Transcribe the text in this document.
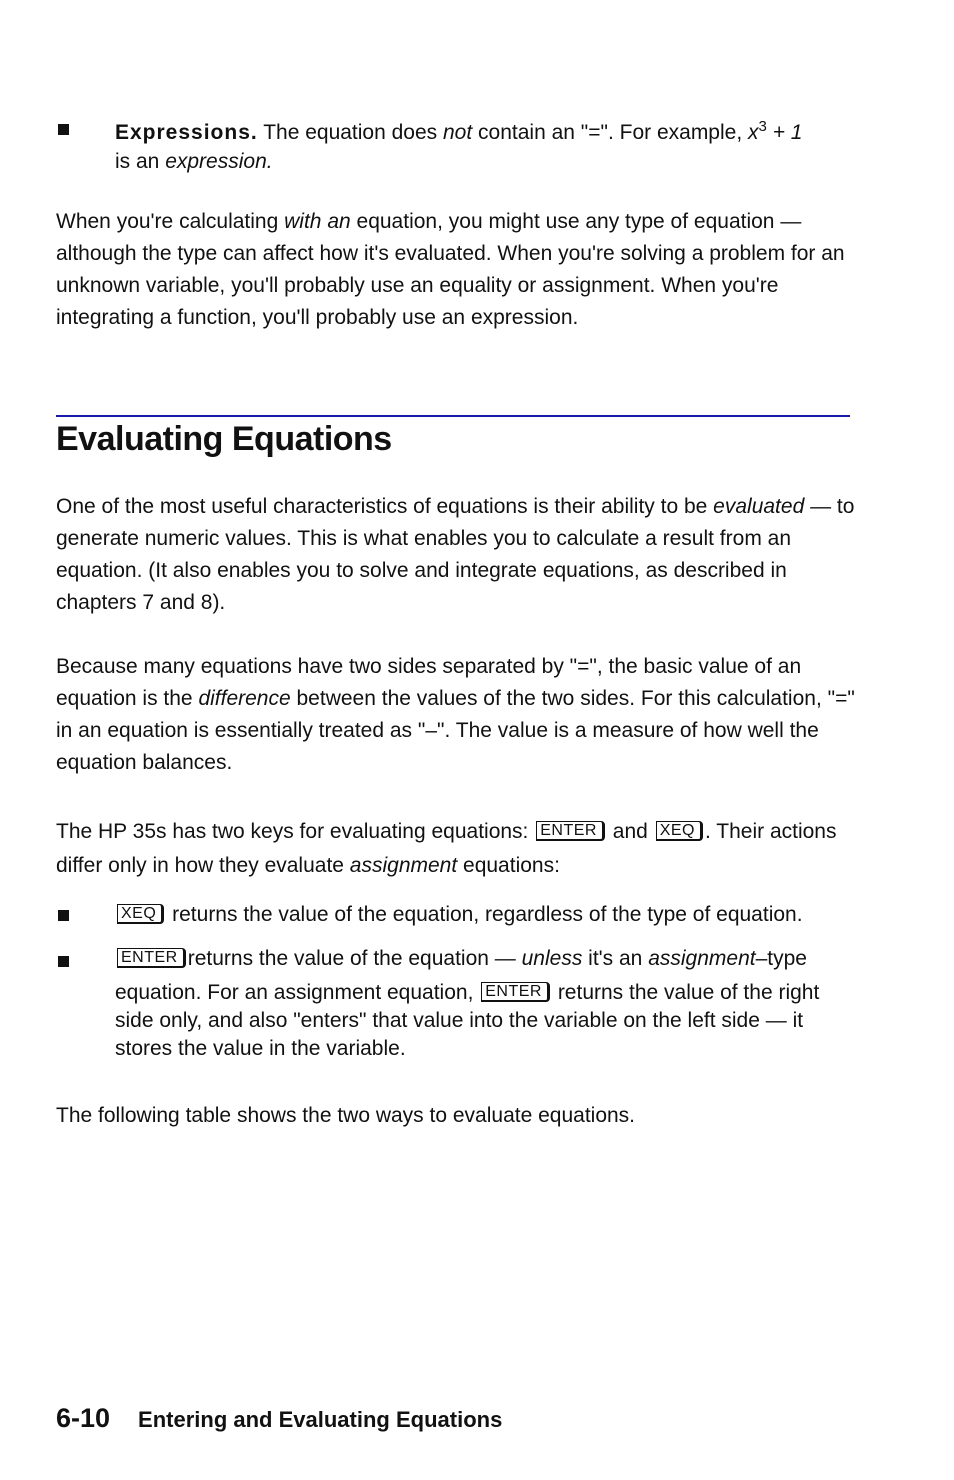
Expressions. The equation does not contain an "=". For example, $x^3 + 1$
is an expression.

When you're calculating with an equation, you might use any type of equation — although the type can affect how it's evaluated. When you're solving a problem for an unknown variable, you'll probably use an equality or assignment. When you're integrating a function, you'll probably use an expression.

Evaluating Equations

One of the most useful characteristics of equations is their ability to be evaluated — to generate numeric values. This is what enables you to calculate a result from an equation. (It also enables you to solve and integrate equations, as described in chapters 7 and 8).

Because many equations have two sides separated by "=", the basic value of an equation is the difference between the values of the two sides. For this calculation, "=" in an equation is essentially treated as "–". The value is a measure of how well the equation balances.

The HP 35s has two keys for evaluating equations: ENTER and XEQ . Their actions differ only in how they evaluate assignment equations:

XEQ returns the value of the equation, regardless of the type of equation.
ENTER returns the value of the equation — unless it's an assignment–type
equation. For an assignment equation, ENTER returns the value of the right side only, and also "enters" that value into the variable on the left side — it stores the value in the variable.

The following table shows the two ways to evaluate equations.

6-10 Entering and Evaluating Equations
